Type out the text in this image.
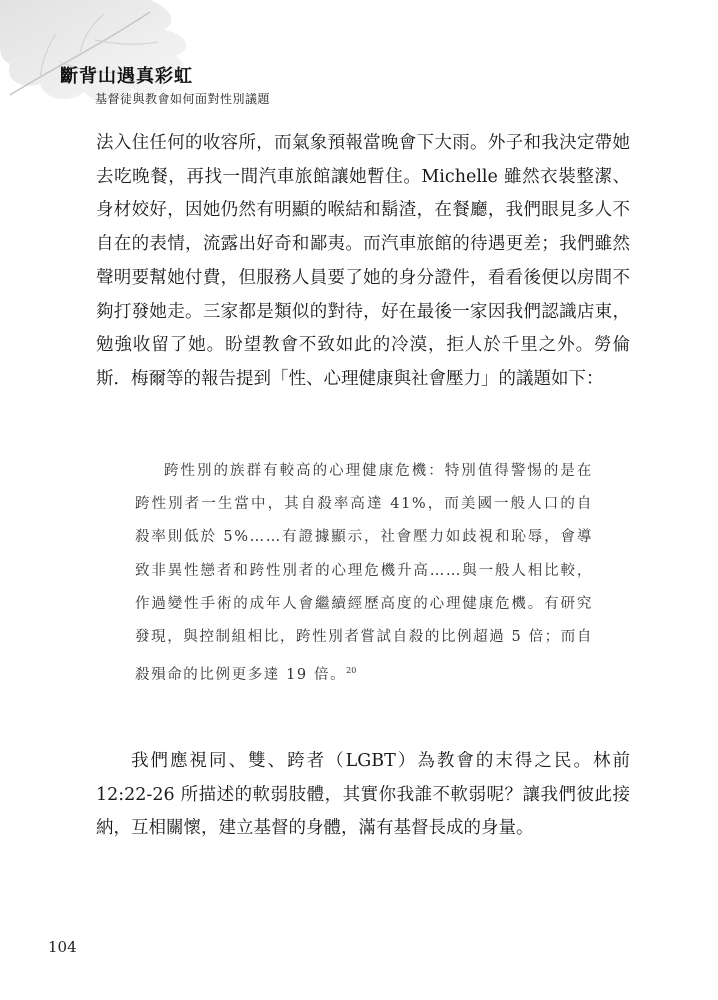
斷背山遇真彩虹
基督徒與教會如何面對性別議題

法入住任何的收容所，而氣象預報當晚會下大雨。外子和我決定帶她去吃晚餐，再找一間汽車旅館讓她暫住。Michelle 雖然衣裝整潔、身材姣好，因她仍然有明顯的喉結和鬍渣，在餐廳，我們眼見多人不自在的表情，流露出好奇和鄙夷。而汽車旅館的待遇更差；我們雖然聲明要幫她付費，但服務人員要了她的身分證件，看看後便以房間不夠打發她走。三家都是類似的對待，好在最後一家因我們認識店東，勉強收留了她。盼望教會不致如此的冷漠，拒人於千里之外。勞倫斯．梅爾等的報告提到「性、心理健康與社會壓力」的議題如下：

跨性別的族群有較高的心理健康危機：特別值得警惕的是在跨性別者一生當中，其自殺率高達 41%，而美國一般人口的自殺率則低於 5%……有證據顯示，社會壓力如歧視和恥辱，會導致非異性戀者和跨性別者的心理危機升高……與一般人相比較，作過變性手術的成年人會繼續經歷高度的心理健康危機。有研究發現，與控制組相比，跨性別者嘗試自殺的比例超過 5 倍；而自殺殞命的比例更多達 19 倍。$^{20}$

我們應視同、雙、跨者（LGBT）為教會的末得之民。林前 12:22-26 所描述的軟弱肢體，其實你我誰不軟弱呢？讓我們彼此接納，互相關懷，建立基督的身體，滿有基督長成的身量。

104
